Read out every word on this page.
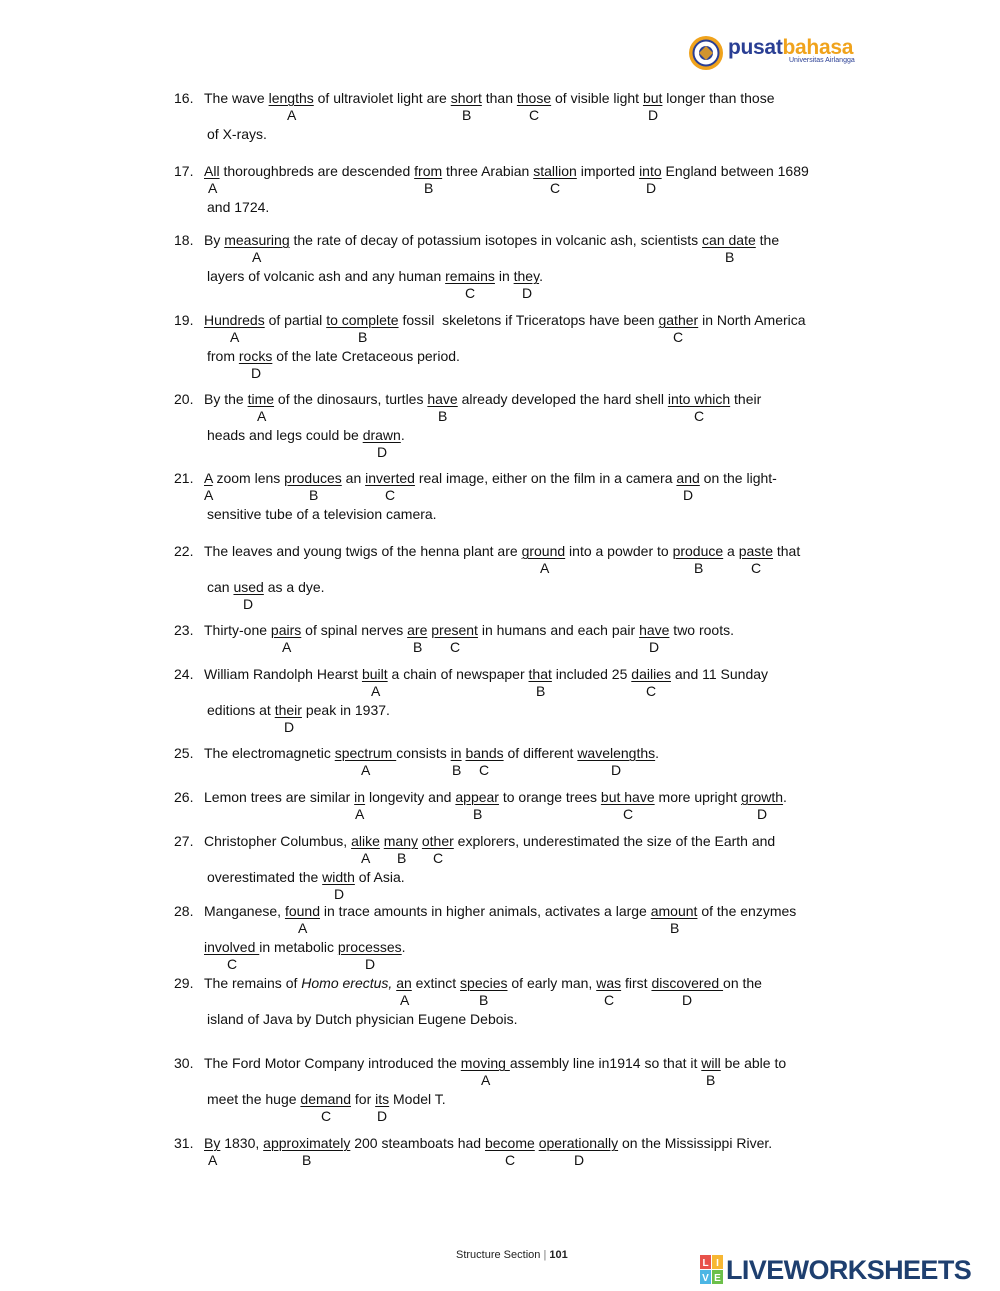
pusatbahasa
Universitas Airlangga
16. The wave lengths of ultraviolet light are short than those of visible light but longer than those
A	B	C	D
of X-rays.
17. All thoroughbreds are descended from three Arabian stallion imported into England between 1689
A	B	C	D
and 1724.
18. By measuring the rate of decay of potassium isotopes in volcanic ash, scientists can date the
A	B
layers of volcanic ash and any human remains in they.
C	D
19. Hundreds of partial to complete fossil  skeletons if Triceratops have been gather in North America
A	B	C
from rocks of the late Cretaceous period.
D
20. By the time of the dinosaurs, turtles have already developed the hard shell into which their
A	B	C
heads and legs could be drawn.
D
21. A zoom lens produces an inverted real image, either on the film in a camera and on the light-
A	B	C	D
sensitive tube of a television camera.
22. The leaves and young twigs of the henna plant are ground into a powder to produce a paste that
A	B	C
can used as a dye.
D
23. Thirty-one pairs of spinal nerves are present in humans and each pair have two roots.
A	B C	D
24. William Randolph Hearst built a chain of newspaper that included 25 dailies and 11 Sunday
A	B	C
editions at their peak in 1937.
D
25. The electromagnetic spectrum consists in bands of different wavelengths.
A	B C	D
26. Lemon trees are similar in longevity and appear to orange trees but have more upright growth.
A	B	C	D
27. Christopher Columbus, alike many other explorers, underestimated the size of the Earth and
A B C
overestimated the width of Asia.
D
28. Manganese, found in trace amounts in higher animals, activates a large amount of the enzymes
A	B
involved in metabolic processes.
C	D
29. The remains of Homo erectus, an extinct species of early man, was first discovered on the
A	B	C	D
island of Java by Dutch physician Eugene Debois.
30. The Ford Motor Company introduced the moving assembly line in1914 so that it will be able to
A	B
meet the huge demand for its Model T.
C	D
31. By 1830, approximately 200 steamboats had become operationally on the Mississippi River.
A	B	C	D
Structure Section | 101
L I
V E LIVEWORKSHEETS
